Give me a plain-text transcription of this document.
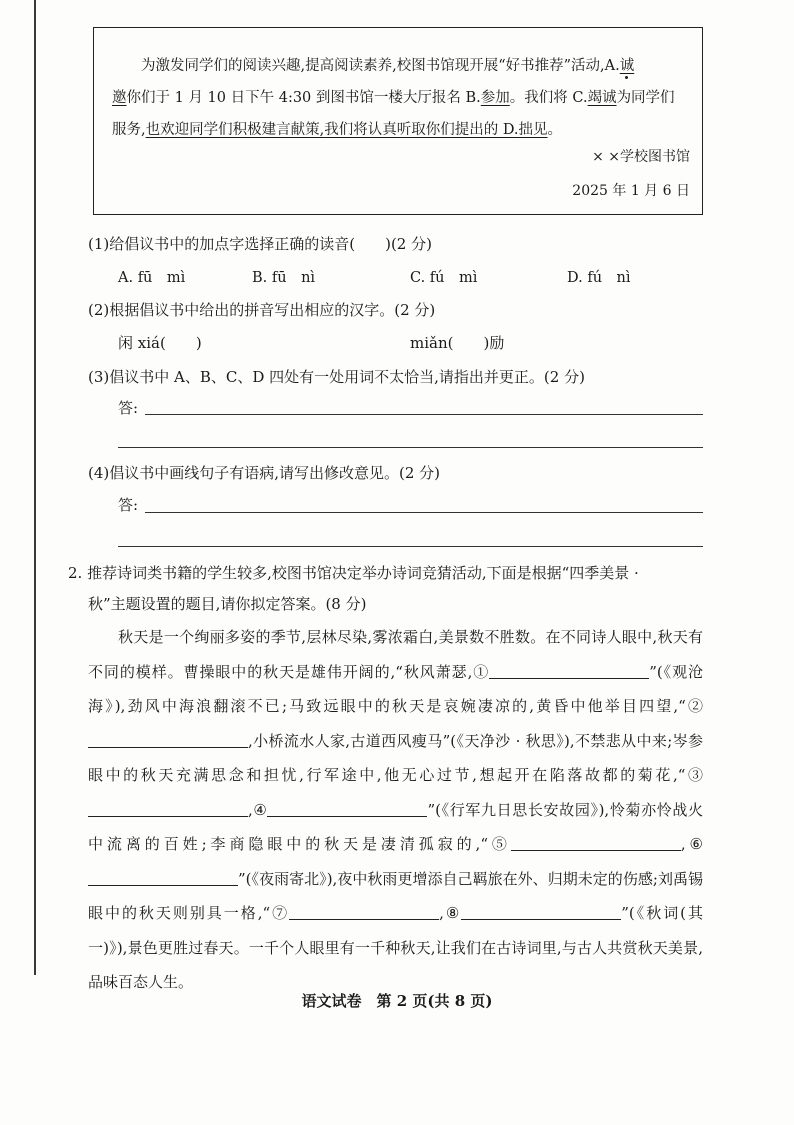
为激发同学们的阅读兴趣,提高阅读素养,校图书馆现开展“好书推荐”活动,A.诚

邀你们于 1 月 10 日下午 4:30 到图书馆一楼大厅报名 B.参加。我们将 C.竭诚为同学们

服务,也欢迎同学们积极建言献策,我们将认真听取你们提出的 D.拙见。

× ×学校图书馆
2025 年 1 月 6 日
(1)给倡议书中的加点字选择正确的读音(　　)(2 分)
A. fū　mì	B. fū　nì	C. fú　mì	D. fú　nì
(2)根据倡议书中给出的拼音写出相应的汉字。(2 分)
闲 xiá(　　)	miǎn(　　)励
(3)倡议书中 A、B、C、D 四处有一处用词不太恰当,请指出并更正。(2 分)
答:
(4)倡议书中画线句子有语病,请写出修改意见。(2 分)
答:
2. 推荐诗词类书籍的学生较多,校图书馆决定举办诗词竞猜活动,下面是根据“四季美景 ·
秋”主题设置的题目,请你拟定答案。(8 分)

秋天是一个绚丽多姿的季节,层林尽染,雾浓霜白,美景数不胜数。在不同诗人眼中,秋天有不同的模样。曹操眼中的秋天是雄伟开阔的,“秋风萧瑟,①	”(《观沧海》),劲风中海浪翻滚不已;马致远眼中的秋天是哀婉凄凉的,黄昏中他举目四望,“②,小桥流水人家,古道西风瘦马”(《天净沙 · 秋思》),不禁悲从中来;岑参眼中的秋天充满思念和担忧,行军途中,他无心过节,想起开在陷落故都的菊花,“③,④	”(《行军九日思长安故园》),怜菊亦怜战火中流离的百姓;李商隐眼中的秋天是凄清孤寂的,“⑤	,⑥”(《夜雨寄北》),夜中秋雨更增添自己羁旅在外、归期未定的伤感;刘禹锡眼中的秋天则别具一格,“⑦	,⑧	”(《秋词(其一)》),景色更胜过春天。一千个人眼里有一千种秋天,让我们在古诗词里,与古人共赏秋天美景,品味百态人生。

语文试卷　第 2 页(共 8 页)
